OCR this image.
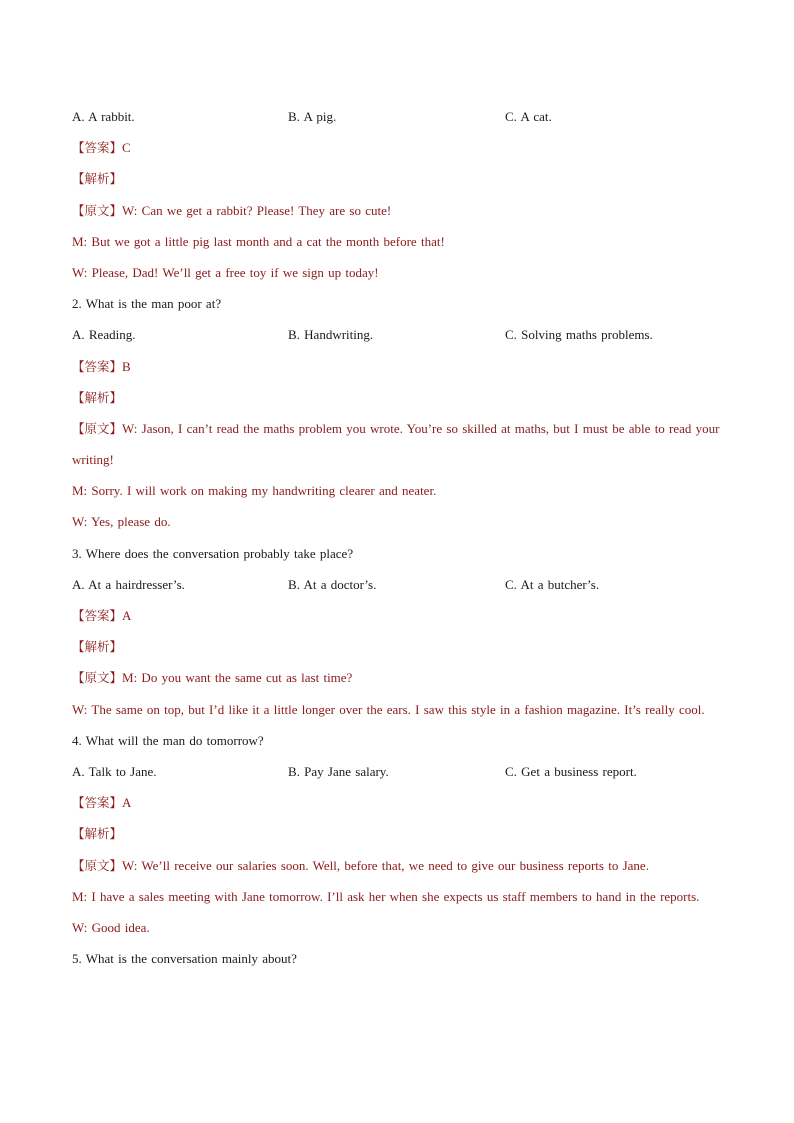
A. A rabbit.	B. A pig.	C. A cat.
【答案】C
【解析】
【原文】W: Can we get a rabbit? Please! They are so cute!
M: But we got a little pig last month and a cat the month before that!
W: Please, Dad! We’ll get a free toy if we sign up today!
2. What is the man poor at?
A. Reading.	B. Handwriting.	C. Solving maths problems.
【答案】B
【解析】
【原文】W: Jason, I can’t read the maths problem you wrote. You’re so skilled at maths, but I must be able to read your writing!
M: Sorry. I will work on making my handwriting clearer and neater.
W: Yes, please do.
3. Where does the conversation probably take place?
A. At a hairdresser’s.	B. At a doctor’s.	C. At a butcher’s.
【答案】A
【解析】
【原文】M: Do you want the same cut as last time?
W: The same on top, but I’d like it a little longer over the ears. I saw this style in a fashion magazine. It’s really cool.
4. What will the man do tomorrow?
A. Talk to Jane.	B. Pay Jane salary.	C. Get a business report.
【答案】A
【解析】
【原文】W: We’ll receive our salaries soon. Well, before that, we need to give our business reports to Jane.
M: I have a sales meeting with Jane tomorrow. I’ll ask her when she expects us staff members to hand in the reports.
W: Good idea.
5. What is the conversation mainly about?
